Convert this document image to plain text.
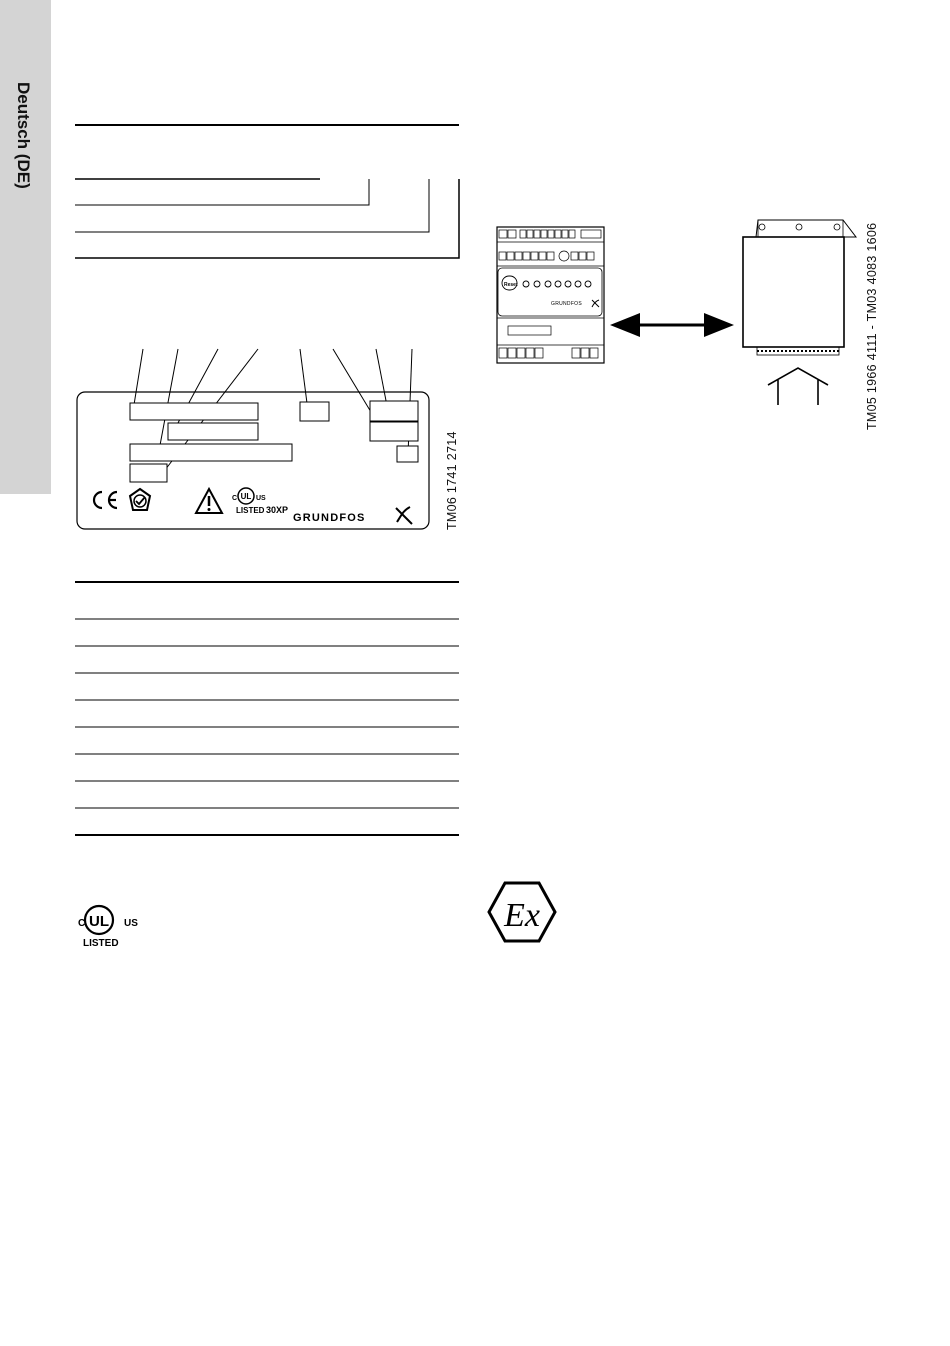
Deutsch (DE)
UL
C	US
LISTED 30XP
GRUNDFOS	TM06 1741 2714
UL
C	US
LISTED
Reset
GRUNDFOS	TM05 1966 4111 - TM03 4083 1606
Ex
